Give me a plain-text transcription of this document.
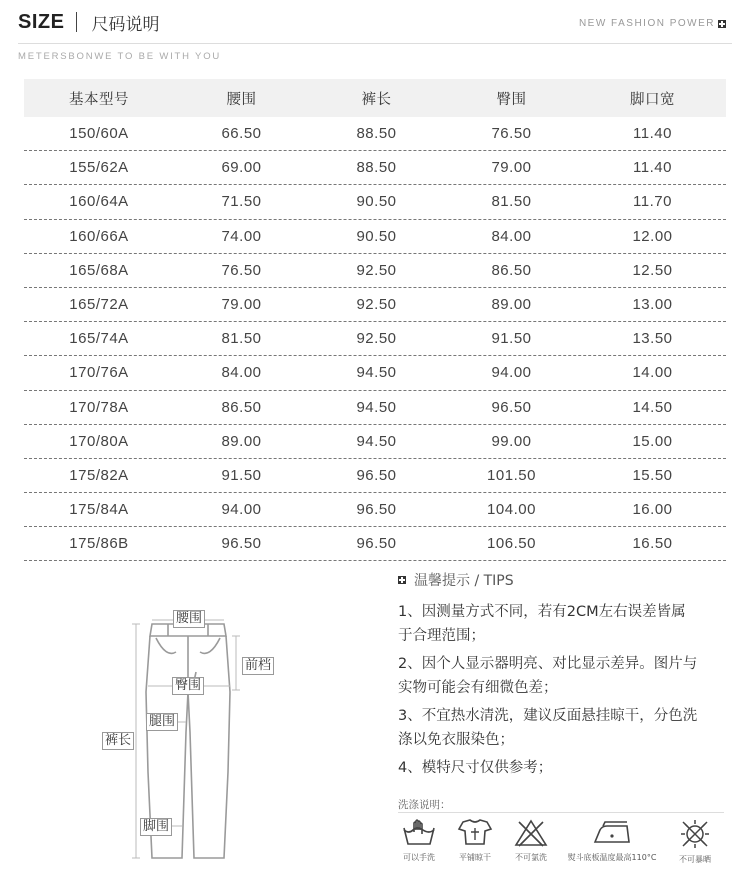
SIZE 尺码说明	NEW FASHION POWER
METERSBONWE TO BE WITH YOU
基本型号	腰围	裤长	臀围	脚口宽
150/60A	66.50	88.50	76.50	11.40
155/62A	69.00	88.50	79.00	11.40
160/64A	71.50	90.50	81.50	11.70
160/66A	74.00	90.50	84.00	12.00
165/68A	76.50	92.50	86.50	12.50
165/72A	79.00	92.50	89.00	13.00
165/74A	81.50	92.50	91.50	13.50
170/76A	84.00	94.50	94.00	14.00
170/78A	86.50	94.50	96.50	14.50
170/80A	89.00	94.50	99.00	15.00
175/82A	91.50	96.50	101.50	15.50
175/84A	94.00	96.50	104.00	16.00
175/86B	96.50	96.50	106.50	16.50
腰围
前档
臀围
腿围
裤长
脚围
温馨提示 / TIPS

1、因测量方式不同，若有2CM左右误差皆属于合理范围；

2、因个人显示器明亮、对比显示差异。图片与实物可能会有细微色差；

3、不宜热水清洗，建议反面悬挂晾干，分色洗涤以免衣服染色；

4、模特尺寸仅供参考；

洗涤说明：
可以手洗	平铺晾干	不可氯洗	熨斗底板温度最高110°C	不可暴晒
